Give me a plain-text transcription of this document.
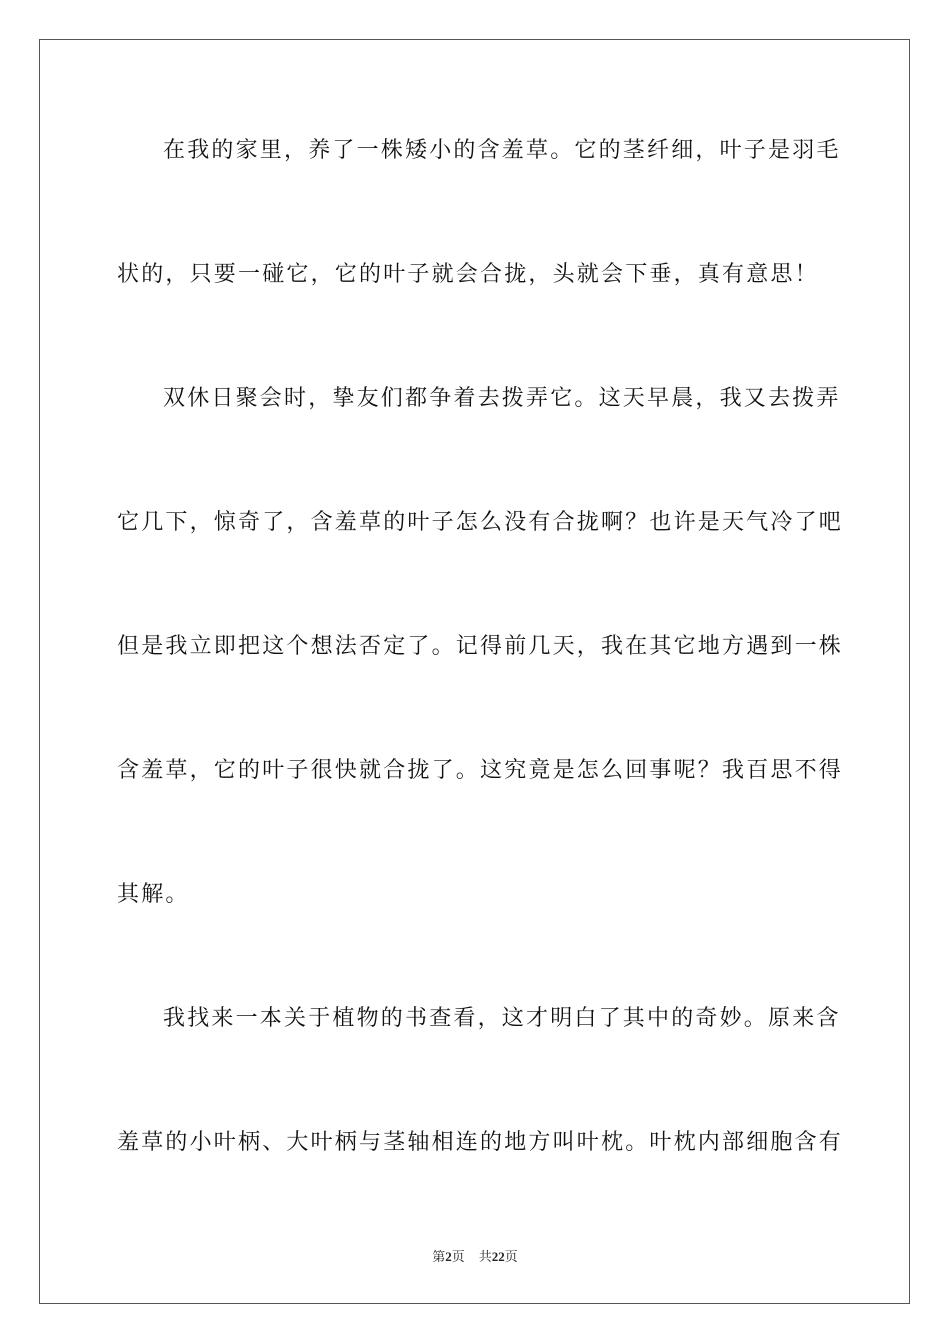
在我的家里，养了一株矮小的含羞草。它的茎纤细，叶子是羽毛
状的，只要一碰它，它的叶子就会合拢，头就会下垂，真有意思！
双休日聚会时，挚友们都争着去拨弄它。这天早晨，我又去拨弄
它几下，惊奇了，含羞草的叶子怎么没有合拢啊？也许是天气冷了吧
但是我立即把这个想法否定了。记得前几天，我在其它地方遇到一株
含羞草，它的叶子很快就合拢了。这究竟是怎么回事呢？我百思不得
其解。
我找来一本关于植物的书查看，这才明白了其中的奇妙。原来含
羞草的小叶柄、大叶柄与茎轴相连的地方叫叶枕。叶枕内部细胞含有
第2页 共22页
